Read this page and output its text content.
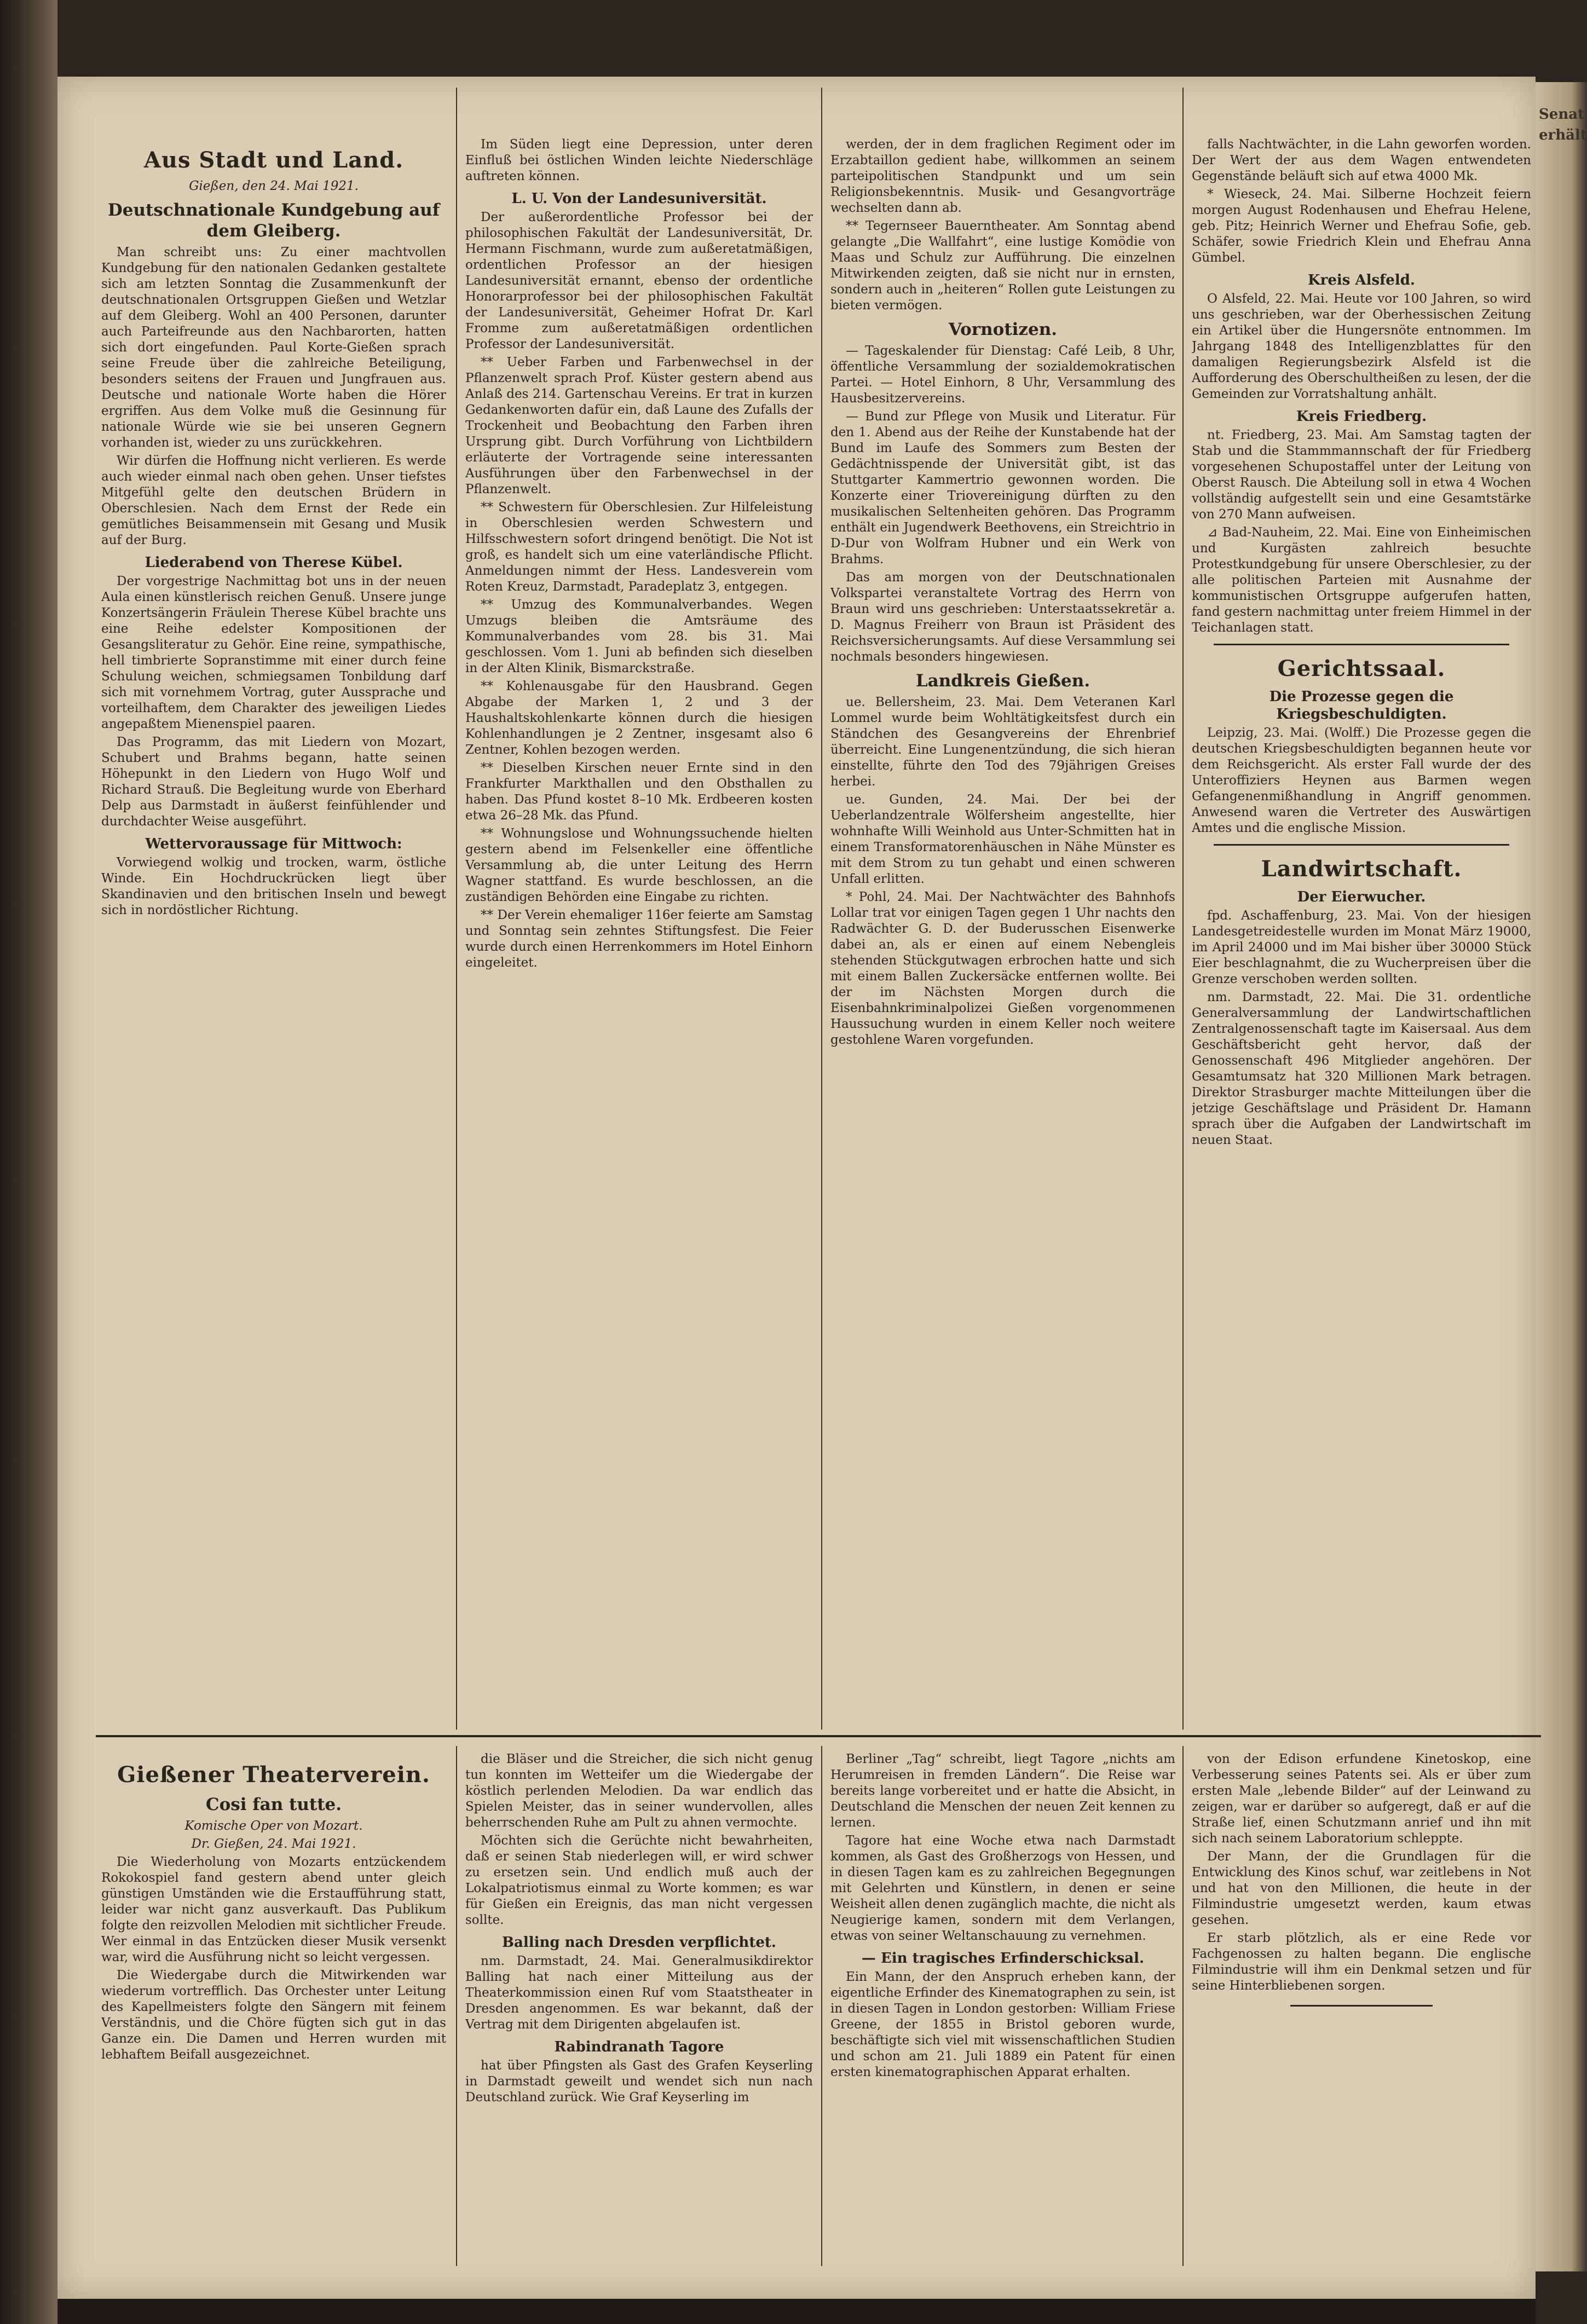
Senat erhält
Aus Stadt und Land.

Gießen, den 24. Mai 1921.

Deutschnationale Kundgebung auf dem Gleiberg.

Man schreibt uns: Zu einer machtvollen Kundgebung für den nationalen Gedanken gestaltete sich am letzten Sonntag die Zusammenkunft der deutschnationalen Ortsgruppen Gießen und Wetzlar auf dem Gleiberg. Wohl an 400 Personen, darunter auch Parteifreunde aus den Nachbarorten, hatten sich dort eingefunden. Paul Korte-Gießen sprach seine Freude über die zahlreiche Beteiligung, besonders seitens der Frauen und Jungfrauen aus. Deutsche und nationale Worte haben die Hörer ergriffen. Aus dem Volke muß die Gesinnung für nationale Würde wie sie bei unseren Gegnern vorhanden ist, wieder zu uns zurückkehren.

Wir dürfen die Hoffnung nicht verlieren. Es werde auch wieder einmal nach oben gehen. Unser tiefstes Mitgefühl gelte den deutschen Brüdern in Oberschlesien. Nach dem Ernst der Rede ein gemütliches Beisammensein mit Gesang und Musik auf der Burg.

Liederabend von Therese Kübel.

Der vorgestrige Nachmittag bot uns in der neuen Aula einen künstlerisch reichen Genuß. Unsere junge Konzertsängerin Fräulein Therese Kübel brachte uns eine Reihe edelster Kompositionen der Gesangsliteratur zu Gehör. Eine reine, sympathische, hell timbrierte Sopranstimme mit einer durch feine Schulung weichen, schmiegsamen Tonbildung darf sich mit vornehmem Vortrag, guter Aussprache und vorteilhaftem, dem Charakter des jeweiligen Liedes angepaßtem Mienenspiel paaren.

Das Programm, das mit Liedern von Mozart, Schubert und Brahms begann, hatte seinen Höhepunkt in den Liedern von Hugo Wolf und Richard Strauß. Die Begleitung wurde von Eberhard Delp aus Darmstadt in äußerst feinfühlender und durchdachter Weise ausgeführt.

Wettervoraussage für Mittwoch:

Vorwiegend wolkig und trocken, warm, östliche Winde. Ein Hochdruckrücken liegt über Skandinavien und den britischen Inseln und bewegt sich in nordöstlicher Richtung.

Im Süden liegt eine Depression, unter deren Einfluß bei östlichen Winden leichte Niederschläge auftreten können.

L. U. Von der Landesuniversität.

Der außerordentliche Professor bei der philosophischen Fakultät der Landesuniversität, Dr. Hermann Fischmann, wurde zum außeretatmäßigen, ordentlichen Professor an der hiesigen Landesuniversität ernannt, ebenso der ordentliche Honorarprofessor bei der philosophischen Fakultät der Landesuniversität, Geheimer Hofrat Dr. Karl Fromme zum außeretatmäßigen ordentlichen Professor der Landesuniversität.

** Ueber Farben und Farbenwechsel in der Pflanzenwelt sprach Prof. Küster gestern abend aus Anlaß des 214. Gartenschau Vereins. Er trat in kurzen Gedankenworten dafür ein, daß Laune des Zufalls der Trockenheit und Beobachtung den Farben ihren Ursprung gibt. Durch Vorführung von Lichtbildern erläuterte der Vortragende seine interessanten Ausführungen über den Farbenwechsel in der Pflanzenwelt.

** Schwestern für Oberschlesien. Zur Hilfeleistung in Oberschlesien werden Schwestern und Hilfsschwestern sofort dringend benötigt. Die Not ist groß, es handelt sich um eine vaterländische Pflicht. Anmeldungen nimmt der Hess. Landesverein vom Roten Kreuz, Darmstadt, Paradeplatz 3, entgegen.

** Umzug des Kommunalverbandes. Wegen Umzugs bleiben die Amtsräume des Kommunalverbandes vom 28. bis 31. Mai geschlossen. Vom 1. Juni ab befinden sich dieselben in der Alten Klinik, Bismarckstraße.

** Kohlenausgabe für den Hausbrand. Gegen Abgabe der Marken 1, 2 und 3 der Haushaltskohlenkarte können durch die hiesigen Kohlenhandlungen je 2 Zentner, insgesamt also 6 Zentner, Kohlen bezogen werden.

** Dieselben Kirschen neuer Ernte sind in den Frankfurter Markthallen und den Obsthallen zu haben. Das Pfund kostet 8–10 Mk. Erdbeeren kosten etwa 26–28 Mk. das Pfund.

** Wohnungslose und Wohnungssuchende hielten gestern abend im Felsenkeller eine öffentliche Versammlung ab, die unter Leitung des Herrn Wagner stattfand. Es wurde beschlossen, an die zuständigen Behörden eine Eingabe zu richten.

** Der Verein ehemaliger 116er feierte am Samstag und Sonntag sein zehntes Stiftungsfest. Die Feier wurde durch einen Herrenkommers im Hotel Einhorn eingeleitet.

werden, der in dem fraglichen Regiment oder im Erzabtaillon gedient habe, willkommen an seinem parteipolitischen Standpunkt und um sein Religionsbekenntnis. Musik- und Gesangvorträge wechselten dann ab.

** Tegernseer Bauerntheater. Am Sonntag abend gelangte „Die Wallfahrt“, eine lustige Komödie von Maas und Schulz zur Aufführung. Die einzelnen Mitwirkenden zeigten, daß sie nicht nur in ernsten, sondern auch in „heiteren“ Rollen gute Leistungen zu bieten vermögen.

Vornotizen.

— Tageskalender für Dienstag: Café Leib, 8 Uhr, öffentliche Versammlung der sozialdemokratischen Partei. — Hotel Einhorn, 8 Uhr, Versammlung des Hausbesitzervereins.

— Bund zur Pflege von Musik und Literatur. Für den 1. Abend aus der Reihe der Kunstabende hat der Bund im Laufe des Sommers zum Besten der Gedächtnisspende der Universität gibt, ist das Stuttgarter Kammertrio gewonnen worden. Die Konzerte einer Triovereinigung dürften zu den musikalischen Seltenheiten gehören. Das Programm enthält ein Jugendwerk Beethovens, ein Streichtrio in D-Dur von Wolfram Hubner und ein Werk von Brahms.

Das am morgen von der Deutschnationalen Volkspartei veranstaltete Vortrag des Herrn von Braun wird uns geschrieben: Unterstaatssekretär a. D. Magnus Freiherr von Braun ist Präsident des Reichsversicherungsamts. Auf diese Versammlung sei nochmals besonders hingewiesen.

Landkreis Gießen.

ue. Bellersheim, 23. Mai. Dem Veteranen Karl Lommel wurde beim Wohltätigkeitsfest durch ein Ständchen des Gesangvereins der Ehrenbrief überreicht. Eine Lungenentzündung, die sich hieran einstellte, führte den Tod des 79jährigen Greises herbei.

ue. Gunden, 24. Mai. Der bei der Ueberlandzentrale Wölfersheim angestellte, hier wohnhafte Willi Weinhold aus Unter-Schmitten hat in einem Transformatorenhäuschen in Nähe Münster es mit dem Strom zu tun gehabt und einen schweren Unfall erlitten.

* Pohl, 24. Mai. Der Nachtwächter des Bahnhofs Lollar trat vor einigen Tagen gegen 1 Uhr nachts den Radwächter G. D. der Buderusschen Eisenwerke dabei an, als er einen auf einem Nebengleis stehenden Stückgutwagen erbrochen hatte und sich mit einem Ballen Zuckersäcke entfernen wollte. Bei der im Nächsten Morgen durch die Eisenbahnkriminalpolizei Gießen vorgenommenen Haussuchung wurden in einem Keller noch weitere gestohlene Waren vorgefunden.

falls Nachtwächter, in die Lahn geworfen worden. Der Wert der aus dem Wagen entwendeten Gegenstände beläuft sich auf etwa 4000 Mk.

* Wieseck, 24. Mai. Silberne Hochzeit feiern morgen August Rodenhausen und Ehefrau Helene, geb. Pitz; Heinrich Werner und Ehefrau Sofie, geb. Schäfer, sowie Friedrich Klein und Ehefrau Anna Gümbel.

Kreis Alsfeld.

O Alsfeld, 22. Mai. Heute vor 100 Jahren, so wird uns geschrieben, war der Oberhessischen Zeitung ein Artikel über die Hungersnöte entnommen. Im Jahrgang 1848 des Intelligenzblattes für den damaligen Regierungsbezirk Alsfeld ist die Aufforderung des Oberschultheißen zu lesen, der die Gemeinden zur Vorratshaltung anhält.

Kreis Friedberg.

nt. Friedberg, 23. Mai. Am Samstag tagten der Stab und die Stammmannschaft der für Friedberg vorgesehenen Schupostaffel unter der Leitung von Oberst Rausch. Die Abteilung soll in etwa 4 Wochen vollständig aufgestellt sein und eine Gesamtstärke von 270 Mann aufweisen.

⊿ Bad-Nauheim, 22. Mai. Eine von Einheimischen und Kurgästen zahlreich besuchte Protestkundgebung für unsere Oberschlesier, zu der alle politischen Parteien mit Ausnahme der kommunistischen Ortsgruppe aufgerufen hatten, fand gestern nachmittag unter freiem Himmel in der Teichanlagen statt.

Gerichtssaal.
Die Prozesse gegen die Kriegsbeschuldigten.

Leipzig, 23. Mai. (Wolff.) Die Prozesse gegen die deutschen Kriegsbeschuldigten begannen heute vor dem Reichsgericht. Als erster Fall wurde der des Unteroffiziers Heynen aus Barmen wegen Gefangenenmißhandlung in Angriff genommen. Anwesend waren die Vertreter des Auswärtigen Amtes und die englische Mission.

Landwirtschaft.
Der Eierwucher.

fpd. Aschaffenburg, 23. Mai. Von der hiesigen Landesgetreidestelle wurden im Monat März 19000, im April 24000 und im Mai bisher über 30000 Stück Eier beschlagnahmt, die zu Wucherpreisen über die Grenze verschoben werden sollten.

nm. Darmstadt, 22. Mai. Die 31. ordentliche Generalversammlung der Landwirtschaftlichen Zentralgenossenschaft tagte im Kaisersaal. Aus dem Geschäftsbericht geht hervor, daß der Genossenschaft 496 Mitglieder angehören. Der Gesamtumsatz hat 320 Millionen Mark betragen. Direktor Strasburger machte Mitteilungen über die jetzige Geschäftslage und Präsident Dr. Hamann sprach über die Aufgaben der Landwirtschaft im neuen Staat.

Gießener Theaterverein.
Cosi fan tutte.

Komische Oper von Mozart.

Dr. Gießen, 24. Mai 1921.

Die Wiederholung von Mozarts entzückendem Rokokospiel fand gestern abend unter gleich günstigen Umständen wie die Erstaufführung statt, leider war nicht ganz ausverkauft. Das Publikum folgte den reizvollen Melodien mit sichtlicher Freude. Wer einmal in das Entzücken dieser Musik versenkt war, wird die Ausführung nicht so leicht vergessen.

Die Wiedergabe durch die Mitwirkenden war wiederum vortrefflich. Das Orchester unter Leitung des Kapellmeisters folgte den Sängern mit feinem Verständnis, und die Chöre fügten sich gut in das Ganze ein. Die Damen und Herren wurden mit lebhaftem Beifall ausgezeichnet.

die Bläser und die Streicher, die sich nicht genug tun konnten im Wetteifer um die Wiedergabe der köstlich perlenden Melodien. Da war endlich das Spielen Meister, das in seiner wundervollen, alles beherrschenden Ruhe am Pult zu ahnen vermochte.

Möchten sich die Gerüchte nicht bewahrheiten, daß er seinen Stab niederlegen will, er wird schwer zu ersetzen sein. Und endlich muß auch der Lokalpatriotismus einmal zu Worte kommen; es war für Gießen ein Ereignis, das man nicht vergessen sollte.

Balling nach Dresden verpflichtet.

nm. Darmstadt, 24. Mai. Generalmusikdirektor Balling hat nach einer Mitteilung aus der Theaterkommission einen Ruf vom Staatstheater in Dresden angenommen. Es war bekannt, daß der Vertrag mit dem Dirigenten abgelaufen ist.

Rabindranath Tagore

hat über Pfingsten als Gast des Grafen Keyserling in Darmstadt geweilt und wendet sich nun nach Deutschland zurück. Wie Graf Keyserling im

Berliner „Tag“ schreibt, liegt Tagore „nichts am Herumreisen in fremden Ländern“. Die Reise war bereits lange vorbereitet und er hatte die Absicht, in Deutschland die Menschen der neuen Zeit kennen zu lernen.

Tagore hat eine Woche etwa nach Darmstadt kommen, als Gast des Großherzogs von Hessen, und in diesen Tagen kam es zu zahlreichen Begegnungen mit Gelehrten und Künstlern, in denen er seine Weisheit allen denen zugänglich machte, die nicht als Neugierige kamen, sondern mit dem Verlangen, etwas von seiner Weltanschauung zu vernehmen.

— Ein tragisches Erfinderschicksal.

Ein Mann, der den Anspruch erheben kann, der eigentliche Erfinder des Kinematographen zu sein, ist in diesen Tagen in London gestorben: William Friese Greene, der 1855 in Bristol geboren wurde, beschäftigte sich viel mit wissenschaftlichen Studien und schon am 21. Juli 1889 ein Patent für einen ersten kinematographischen Apparat erhalten.

von der Edison erfundene Kinetoskop, eine Verbesserung seines Patents sei. Als er über zum ersten Male „lebende Bilder“ auf der Leinwand zu zeigen, war er darüber so aufgeregt, daß er auf die Straße lief, einen Schutzmann anrief und ihn mit sich nach seinem Laboratorium schleppte.

Der Mann, der die Grundlagen für die Entwicklung des Kinos schuf, war zeitlebens in Not und hat von den Millionen, die heute in der Filmindustrie umgesetzt werden, kaum etwas gesehen.

Er starb plötzlich, als er eine Rede vor Fachgenossen zu halten begann. Die englische Filmindustrie will ihm ein Denkmal setzen und für seine Hinterbliebenen sorgen.
